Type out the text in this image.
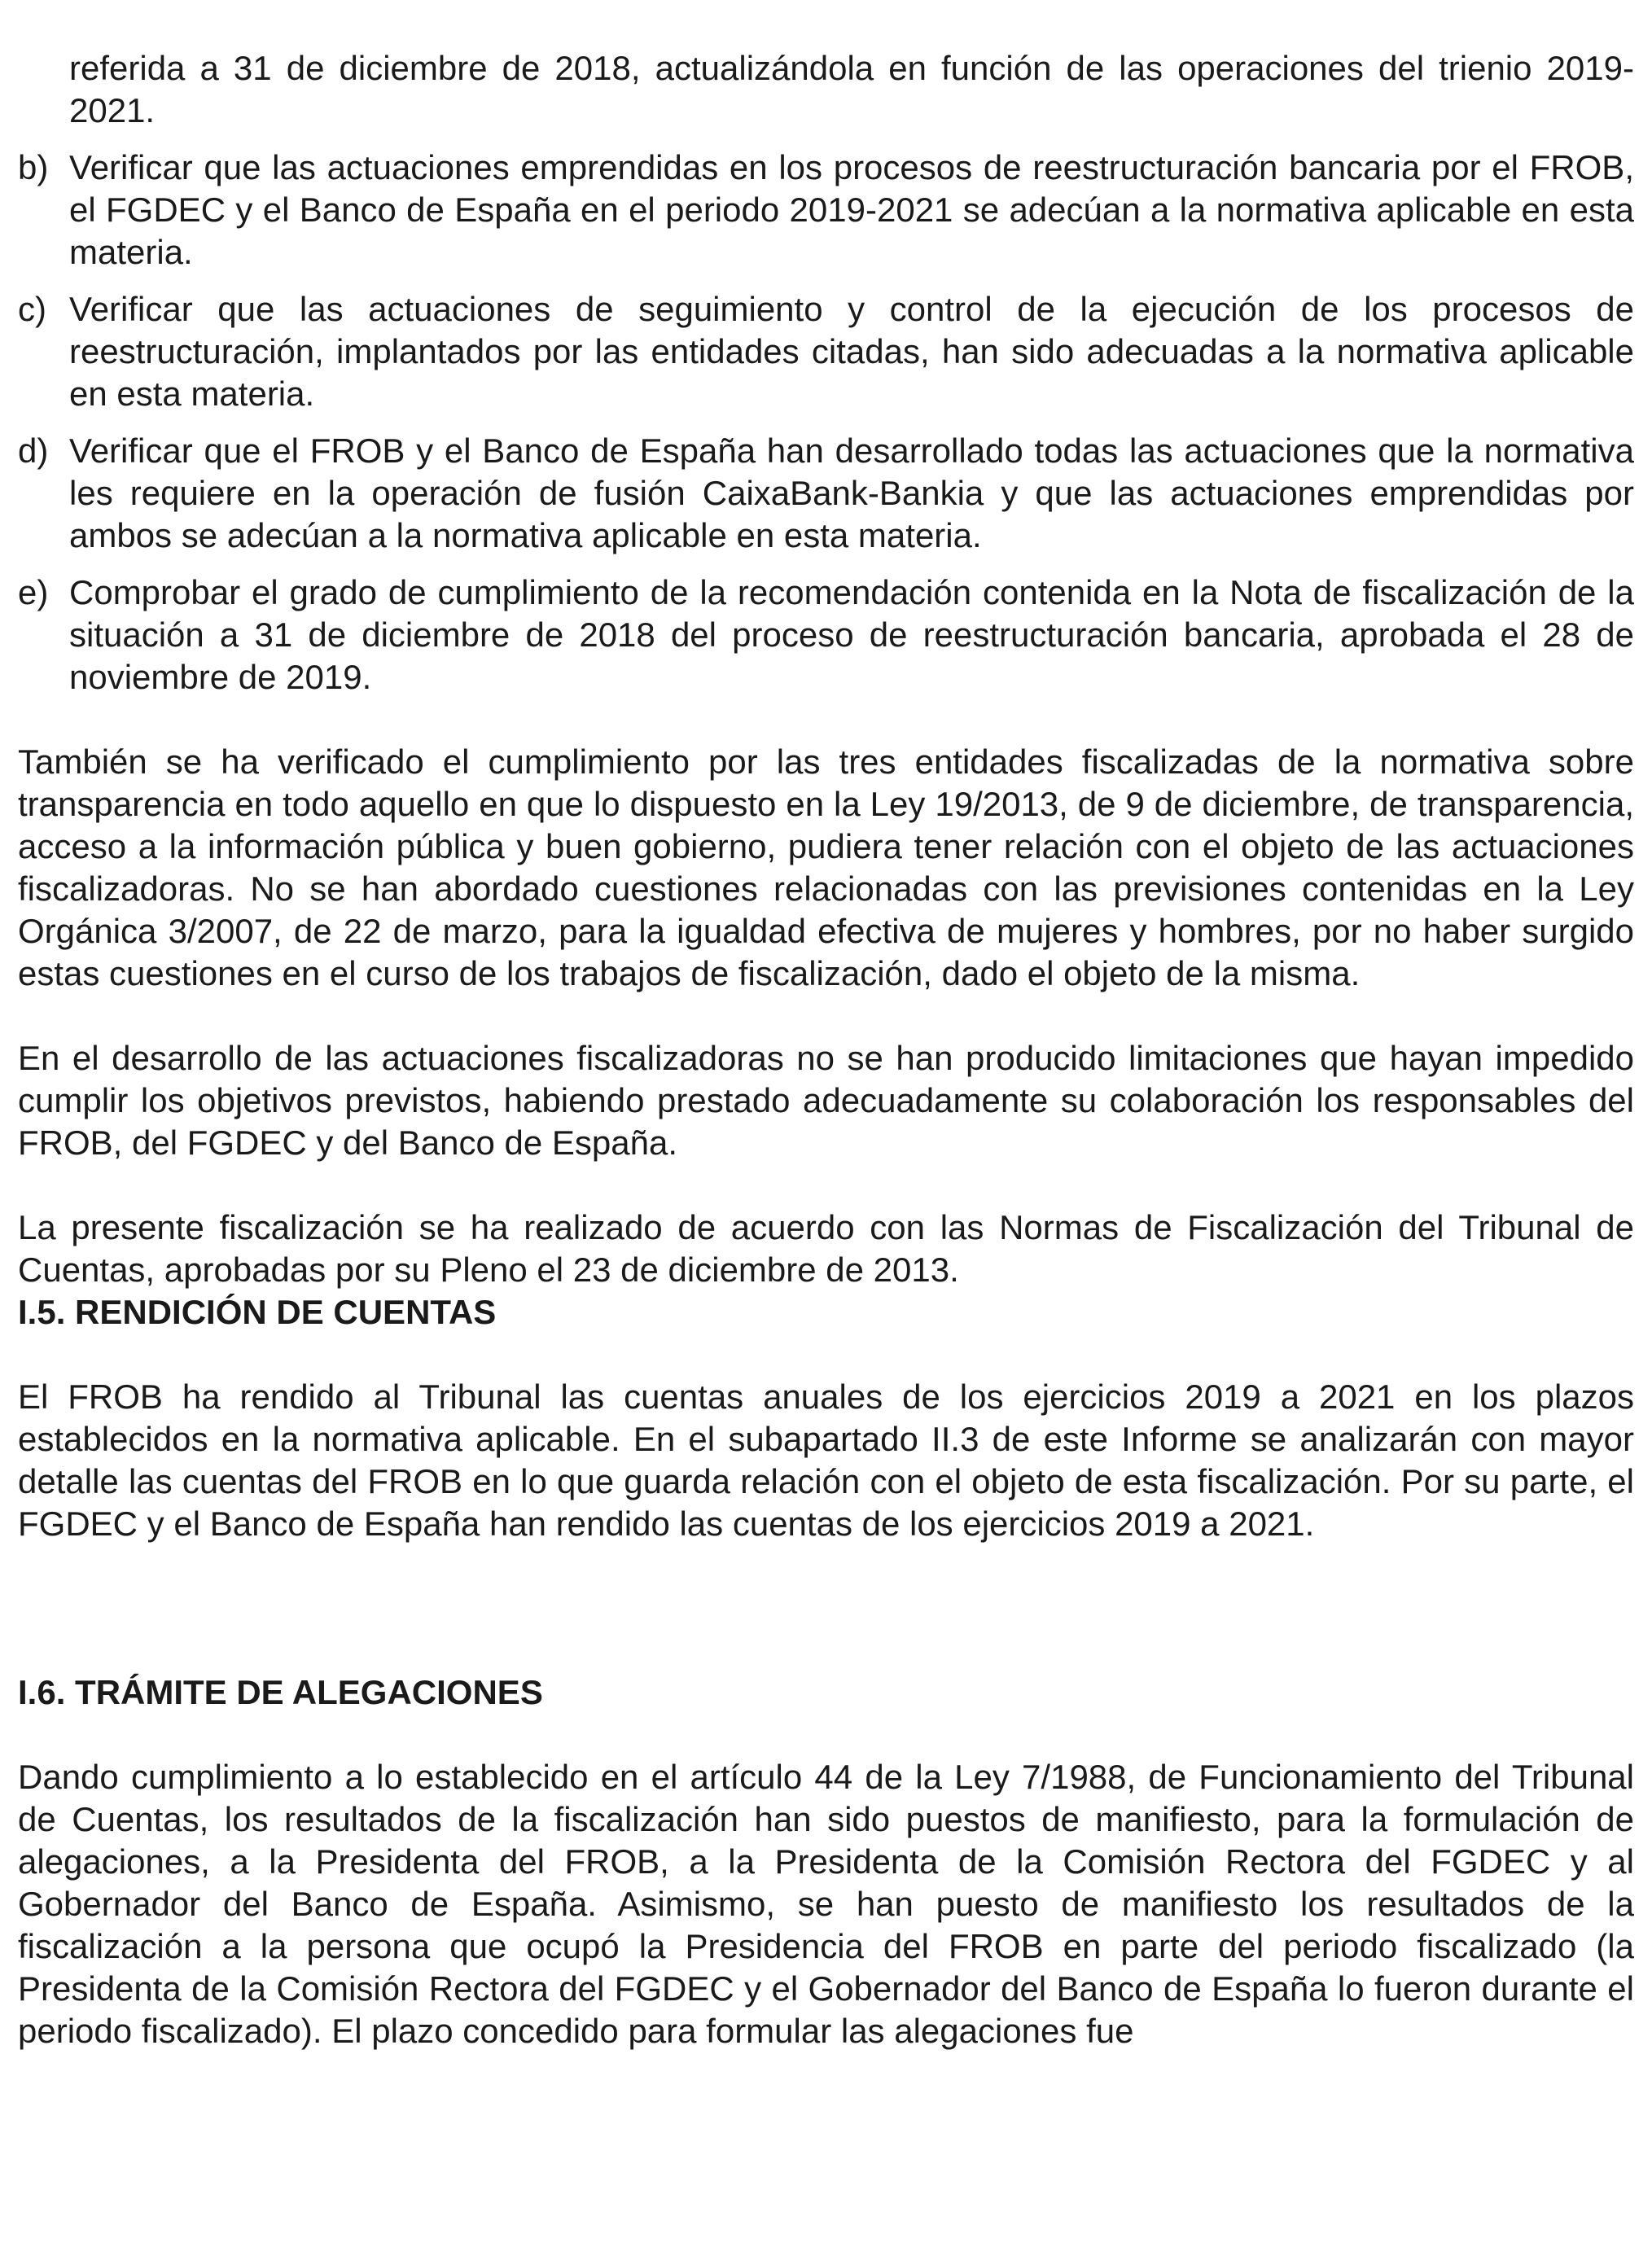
referida a 31 de diciembre de 2018, actualizándola en función de las operaciones del trienio 2019-2021.

b) Verificar que las actuaciones emprendidas en los procesos de reestructuración bancaria por el FROB, el FGDEC y el Banco de España en el periodo 2019-2021 se adecúan a la normativa aplicable en esta materia.

c) Verificar que las actuaciones de seguimiento y control de la ejecución de los procesos de reestructuración, implantados por las entidades citadas, han sido adecuadas a la normativa aplicable en esta materia.

d) Verificar que el FROB y el Banco de España han desarrollado todas las actuaciones que la normativa les requiere en la operación de fusión CaixaBank-Bankia y que las actuaciones emprendidas por ambos se adecúan a la normativa aplicable en esta materia.

e) Comprobar el grado de cumplimiento de la recomendación contenida en la Nota de fiscalización de la situación a 31 de diciembre de 2018 del proceso de reestructuración bancaria, aprobada el 28 de noviembre de 2019.

También se ha verificado el cumplimiento por las tres entidades fiscalizadas de la normativa sobre transparencia en todo aquello en que lo dispuesto en la Ley 19/2013, de 9 de diciembre, de transparencia, acceso a la información pública y buen gobierno, pudiera tener relación con el objeto de las actuaciones fiscalizadoras. No se han abordado cuestiones relacionadas con las previsiones contenidas en la Ley Orgánica 3/2007, de 22 de marzo, para la igualdad efectiva de mujeres y hombres, por no haber surgido estas cuestiones en el curso de los trabajos de fiscalización, dado el objeto de la misma.

En el desarrollo de las actuaciones fiscalizadoras no se han producido limitaciones que hayan impedido cumplir los objetivos previstos, habiendo prestado adecuadamente su colaboración los responsables del FROB, del FGDEC y del Banco de España.

La presente fiscalización se ha realizado de acuerdo con las Normas de Fiscalización del Tribunal de Cuentas, aprobadas por su Pleno el 23 de diciembre de 2013.

I.5. RENDICIÓN DE CUENTAS

El FROB ha rendido al Tribunal las cuentas anuales de los ejercicios 2019 a 2021 en los plazos establecidos en la normativa aplicable. En el subapartado II.3 de este Informe se analizarán con mayor detalle las cuentas del FROB en lo que guarda relación con el objeto de esta fiscalización. Por su parte, el FGDEC y el Banco de España han rendido las cuentas de los ejercicios 2019 a 2021.

I.6. TRÁMITE DE ALEGACIONES

Dando cumplimiento a lo establecido en el artículo 44 de la Ley 7/1988, de Funcionamiento del Tribunal de Cuentas, los resultados de la fiscalización han sido puestos de manifiesto, para la formulación de alegaciones, a la Presidenta del FROB, a la Presidenta de la Comisión Rectora del FGDEC y al Gobernador del Banco de España. Asimismo, se han puesto de manifiesto los resultados de la fiscalización a la persona que ocupó la Presidencia del FROB en parte del periodo fiscalizado (la Presidenta de la Comisión Rectora del FGDEC y el Gobernador del Banco de España lo fueron durante el periodo fiscalizado). El plazo concedido para formular las alegaciones fue
